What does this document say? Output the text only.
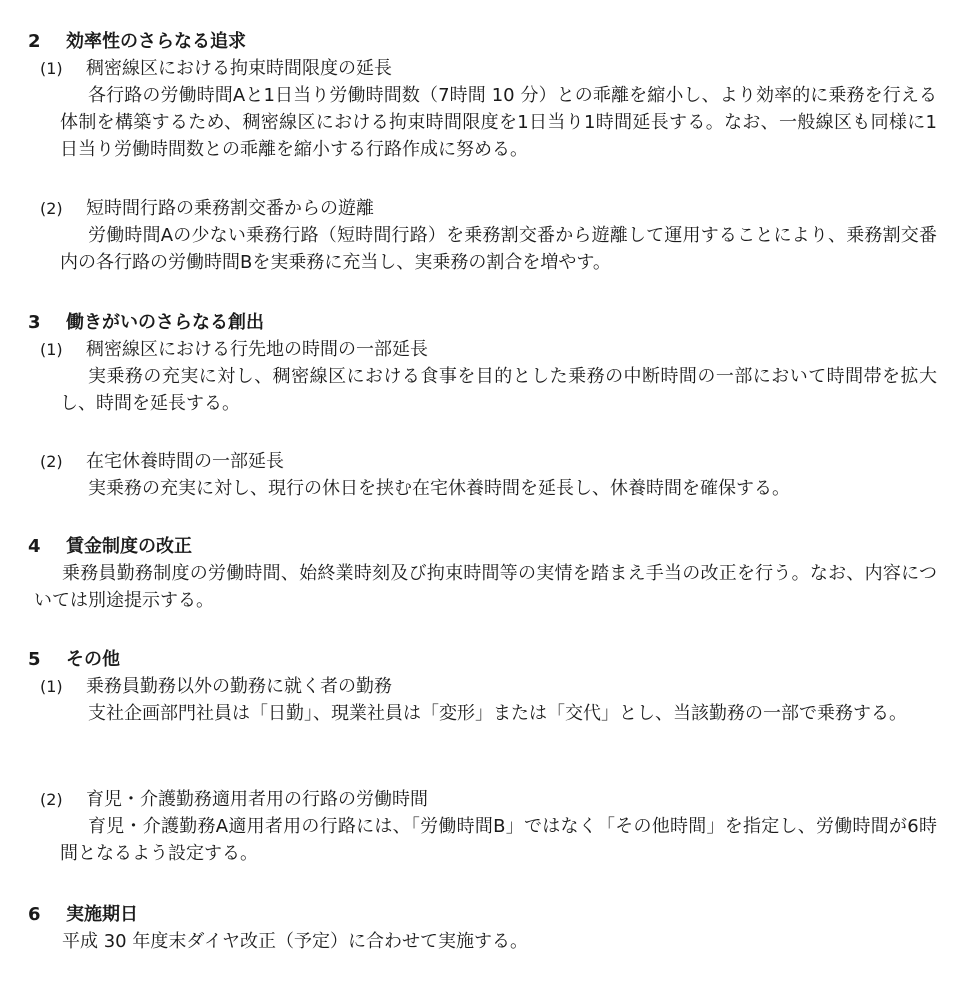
2 効率性のさらなる追求
(1) 稠密線区における拘束時間限度の延長

各行路の労働時間Aと1日当り労働時間数（7時間 10 分）との乖離を縮小し、より効率的に乗務を行える体制を構築するため、稠密線区における拘束時間限度を1日当り1時間延長する。なお、一般線区も同様に1日当り労働時間数との乖離を縮小する行路作成に努める。

(2) 短時間行路の乗務割交番からの遊離

労働時間Aの少ない乗務行路（短時間行路）を乗務割交番から遊離して運用することにより、乗務割交番内の各行路の労働時間Bを実乗務に充当し、実乗務の割合を増やす。

3 働きがいのさらなる創出
(1) 稠密線区における行先地の時間の一部延長

実乗務の充実に対し、稠密線区における食事を目的とした乗務の中断時間の一部において時間帯を拡大し、時間を延長する。

(2) 在宅休養時間の一部延長

実乗務の充実に対し、現行の休日を挟む在宅休養時間を延長し、休養時間を確保する。

4 賃金制度の改正

乗務員勤務制度の労働時間、始終業時刻及び拘束時間等の実情を踏まえ手当の改正を行う。なお、内容については別途提示する。

5 その他
(1) 乗務員勤務以外の勤務に就く者の勤務

支社企画部門社員は「日勤」、現業社員は「変形」または「交代」とし、当該勤務の一部で乗務する。

(2) 育児・介護勤務適用者用の行路の労働時間

育児・介護勤務A適用者用の行路には、「労働時間B」ではなく「その他時間」を指定し、労働時間が6時間となるよう設定する。

6 実施期日

平成 30 年度末ダイヤ改正（予定）に合わせて実施する。
